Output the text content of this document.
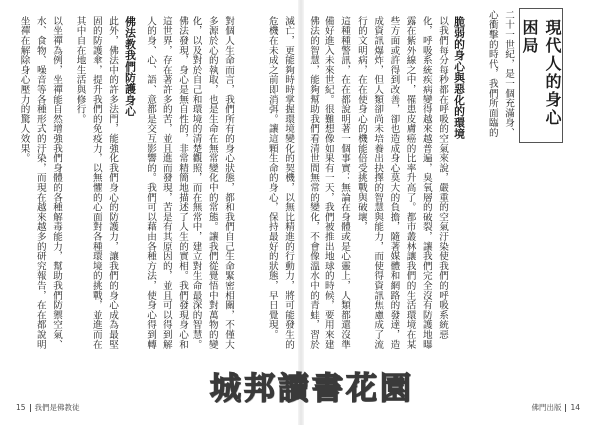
現代人的身心困局
二十一世紀，是一個充滿身、心衝擊的時代，我們所面臨的
脆弱的身心與惡化的環境
以我們每分每秒都在呼吸的空氣來說，嚴重的空氣汙染使我們的呼吸系統惡化，呼吸系統疾病變得越來越普遍，臭氧層的破裂，讓我們完全沒有防護地曝露在紫外線之中，罹患皮膚癌的比率升高了。都市叢林讓我們的生活環境在某些方面或許得到改善，卻也造成身心莫大的負擔，隨著媒體和網路的發達，造成資訊爆炸，但人類卻尚未培養出抉擇的智慧與能力，而使得資訊焦慮成了流行的文明病，在在使身心的機能倍受挑戰與破壞，
這種種警訊，在在都說明著一個事實：無論在身體或是心靈上，人類都還沒準備好進入未來世紀。很難想像如果有一天，我們被推出地球的時候，要用來建
佛法的智慧，能夠幫助我們看清世間無常的變化，不會像溫水中的青蛙，習於
滅亡，更能夠時時掌握環境變化的契機，以無比精進的行動力，將可能發生的危機在未成之前即消弭。讓這顆生命的身心，保持最好的狀態，早日覺現。
對個人生命而言，我們所有的身心狀態，都和我們自己生命緊密相關，不僅大多源於心的執取，也是生命在無常變化中的常態。讓我們從覺悟中對萬物的變化，以及對於自己和環境的清楚觀照，而在無常中，建立對生命最深的智慧。
佛法發現，身心是無自性的，非常精簡地描述了人生的實相。我們發現身心和這世界，存在著許多的苦，並且進而發現，苦是有其原因的，並且可以得到解
人的身、心、語、意都是交互影響的。我們可以藉由各種方法，使身心得到轉
佛法教我們防護身心
此外，佛法中的許多法門，能強化我們身心的防護力，讓我們的身心成為最堅固的防護傘，提升我們的免疫力，以無懼的心面對各種環境的挑戰，並進而在其中自在地生活與修行。
以坐禪為例，坐禪能自然增強我們身體的各種解毒能力，幫助我們防禦空氣、水、食物、噪音等各種形式的汙染，而現在越來越多的研究報告，在在都說明坐禪在解除身心壓力的驚人效果。
城邦讀書花園
15 我們是佛教徒	佛門出版 14
